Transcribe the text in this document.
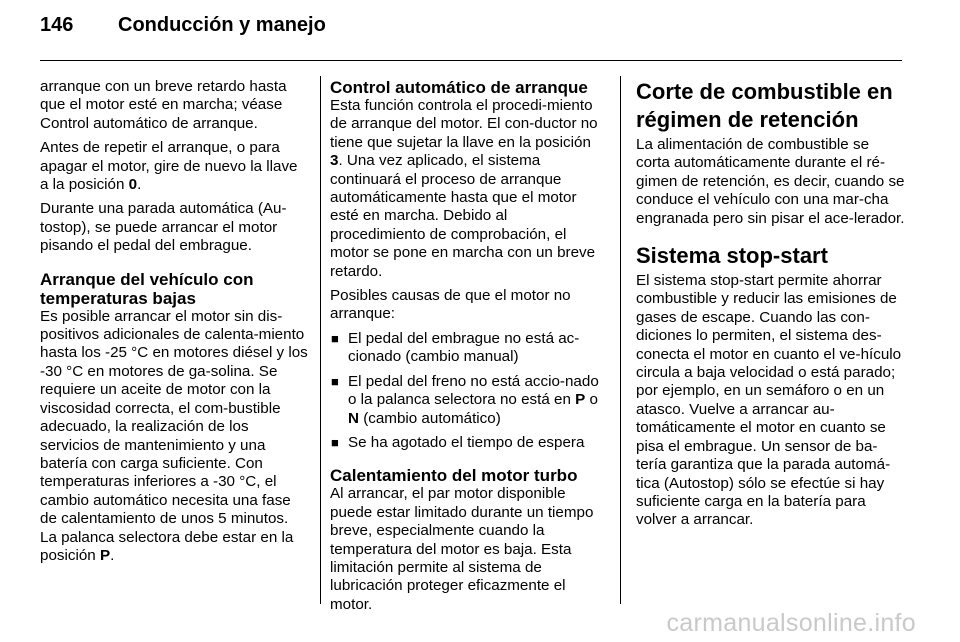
146	Conducción y manejo

arranque con un breve retardo hasta que el motor esté en marcha; véase Control automático de arranque.

Antes de repetir el arranque, o para apagar el motor, gire de nuevo la llave a la posición 0.

Durante una parada automática (Au-tostop), se puede arrancar el motor pisando el pedal del embrague.

Arranque del vehículo con temperaturas bajas

Es posible arrancar el motor sin dis-positivos adicionales de calenta-miento hasta los -25 °C en motores diésel y los -30 °C en motores de ga-solina. Se requiere un aceite de motor con la viscosidad correcta, el com-bustible adecuado, la realización de los servicios de mantenimiento y una batería con carga suficiente. Con temperaturas inferiores a -30 °C, el cambio automático necesita una fase de calentamiento de unos 5 minutos. La palanca selectora debe estar en la posición P.

Control automático de arranque

Esta función controla el procedi-miento de arranque del motor. El con-ductor no tiene que sujetar la llave en la posición 3. Una vez aplicado, el sistema continuará el proceso de arranque automáticamente hasta que el motor esté en marcha. Debido al procedimiento de comprobación, el motor se pone en marcha con un breve retardo.

Posibles causas de que el motor no arranque:

■ El pedal del embrague no está ac-cionado (cambio manual)
■ El pedal del freno no está accio-nado o la palanca selectora no está en P o N (cambio automático)
■ Se ha agotado el tiempo de espera
Calentamiento del motor turbo

Al arrancar, el par motor disponible puede estar limitado durante un tiempo breve, especialmente cuando la temperatura del motor es baja. Esta limitación permite al sistema de lubricación proteger eficazmente el motor.

Corte de combustible en régimen de retención

La alimentación de combustible se corta automáticamente durante el ré-gimen de retención, es decir, cuando se conduce el vehículo con una mar-cha engranada pero sin pisar el ace-lerador.

Sistema stop-start

El sistema stop-start permite ahorrar combustible y reducir las emisiones de gases de escape. Cuando las con-diciones lo permiten, el sistema des-conecta el motor en cuanto el ve-hículo circula a baja velocidad o está parado; por ejemplo, en un semáforo o en un atasco. Vuelve a arrancar au-tomáticamente el motor en cuanto se pisa el embrague. Un sensor de ba-tería garantiza que la parada automá-tica (Autostop) sólo se efectúe si hay suficiente carga en la batería para volver a arrancar.

carmanualsonline.info
